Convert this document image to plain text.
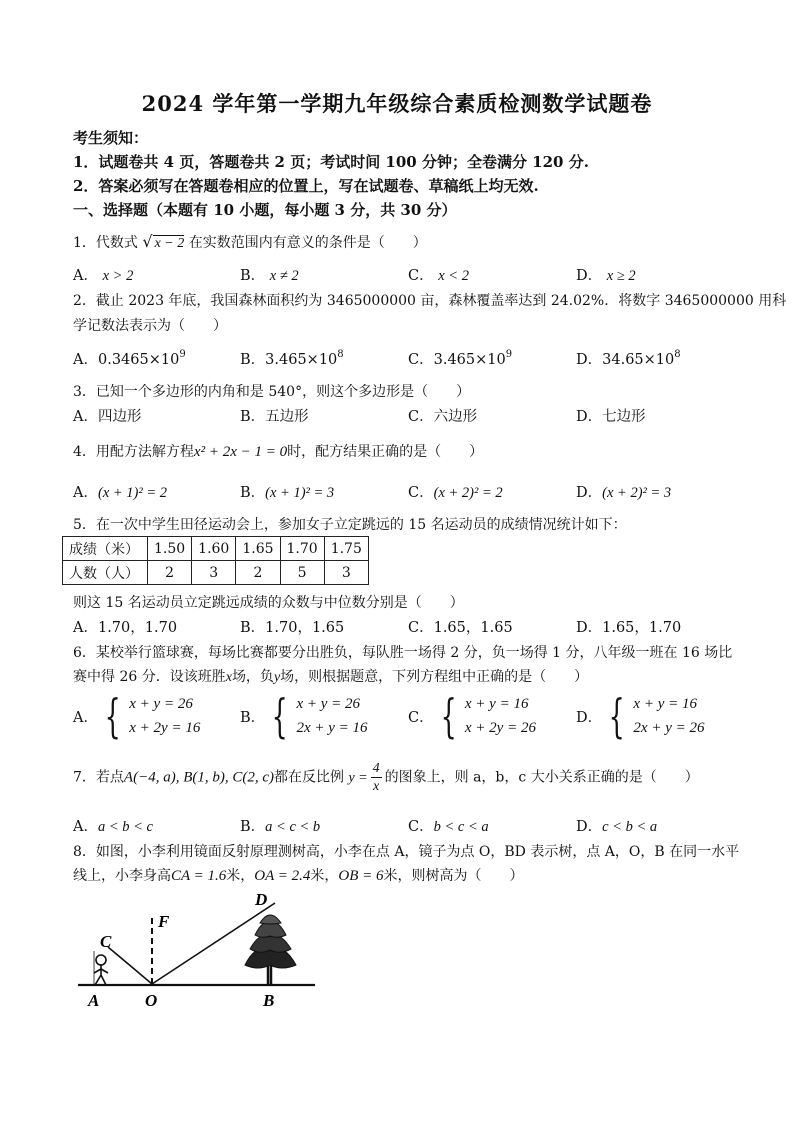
2024 学年第一学期九年级综合素质检测数学试题卷
考生须知：
1．试题卷共 4 页，答题卷共 2 页；考试时间 100 分钟；全卷满分 120 分.
2．答案必须写在答题卷相应的位置上，写在试题卷、草稿纸上均无效.
一、选择题（本题有 10 小题，每小题 3 分，共 30 分）
1．代数式 √ x − 2 在实数范围内有意义的条件是（　　）
A． x > 2	B． x ≠ 2	C． x < 2	D． x ≥ 2
2．截止 2023 年底，我国森林面积约为 3465000000 亩，森林覆盖率达到 24.02%．将数字 3465000000 用科
学记数法表示为（　　）
A．$0.3465\times 10^9$	B．$3.465\times 10^8$	C．$3.465\times 10^9$	D．$34.65\times 10^8$
3．已知一个多边形的内角和是 540°，则这个多边形是（　　）
A．四边形	B．五边形	C．六边形	D．七边形
4．用配方法解方程x² + 2x − 1 = 0时，配方结果正确的是（　　）
A．(x + 1)² = 2	B．(x + 1)² = 3	C．(x + 2)² = 2	D．(x + 2)² = 3
5．在一次中学生田径运动会上，参加女子立定跳远的 15 名运动员的成绩情况统计如下：
成绩（米）	1.50	1.60	1.65	1.70	1.75
人数（人）	2	3	2	5	3
则这 15 名运动员立定跳远成绩的众数与中位数分别是（　　）
A．1.70，1.70	B．1.70，1.65	C．1.65，1.65	D．1.65，1.70
6．某校举行篮球赛，每场比赛都要分出胜负，每队胜一场得 2 分，负一场得 1 分，八年级一班在 16 场比
赛中得 26 分．设该班胜x场，负y场，则根据题意，下列方程组中正确的是（　　）
A． { x + y = 26
x + 2y = 16
B． { x + y = 26
2x + y = 16
C． { x + y = 16
x + 2y = 26
D． { x + y = 16
2x + y = 26
7．若点A(−4, a), B(1, b), C(2, c)都在反比例 $y = \frac{4}{x}$ 的图象上，则 a，b，c 大小关系正确的是（　　）
A．a < b < c	B．a < c < b	C．b < c < a	D．c < b < a
8．如图，小李利用镜面反射原理测树高，小李在点 A，镜子为点 O，BD 表示树，点 A，O，B 在同一水平
线上，小李身高CA = 1.6米，OA = 2.4米，OB = 6米，则树高为（　　）
C
F
D
A	O	B
